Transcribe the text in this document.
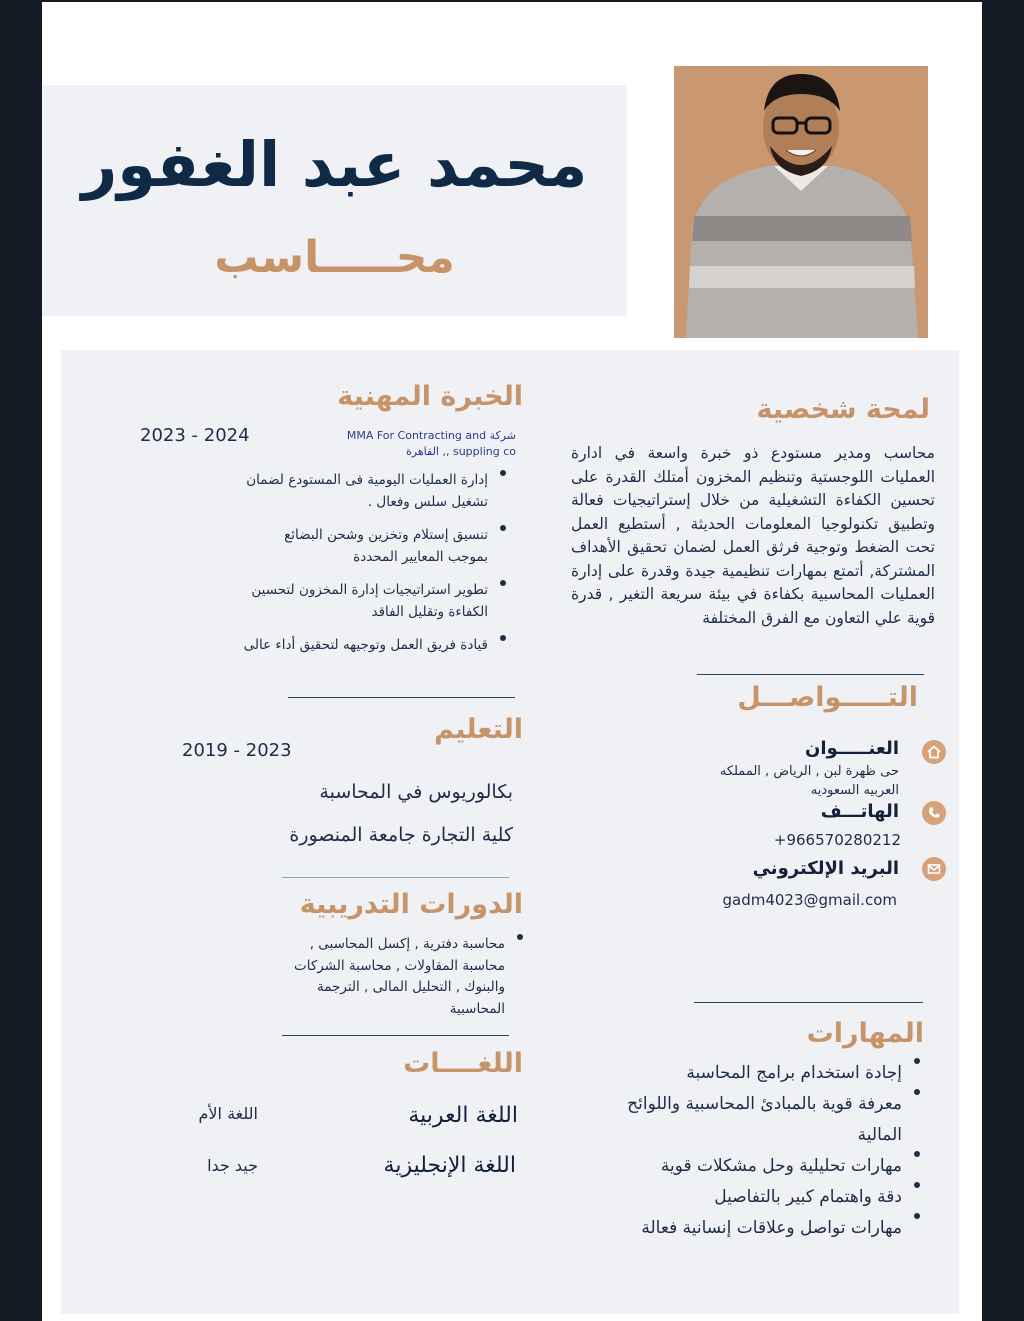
محمد عبد الغفور
محـــــاسب
لمحة شخصية
محاسب ومدير مستودع ذو خبرة واسعة في ادارة العمليات اللوجستية وتنظيم المخزون أمتلك القدرة على تحسين الكفاءة التشغيلية من خلال إستراتيجيات فعالة وتطبيق تكنولوجيا المعلومات الحديثة , أستطيع العمل تحت الضغط وتوجية فرثق العمل لضمان تحقيق الأهداف المشتركة, أتمتع بمهارات تنظيمية جيدة وقدرة على إدارة العمليات المحاسبية بكفاءة في بيئة سريعة التغير , قدرة قوية علي التعاون مع الفرق المختلفة
التـــــواصـــل
العنـــــوان
حى ظهرة لبن , الرياض , المملكه العربيه السعوديه
الهاتـــف
+966570280212
البريد الإلكتروني
gadm4023@gmail.com
المهارات
إجادة استخدام برامج المحاسبة
معرفة قوية بالمبادئ المحاسبية واللوائح المالية
مهارات تحليلية وحل مشكلات قوية
دقة واهتمام كبير بالتفاصيل
مهارات تواصل وعلاقات إنسانية فعالة
الخبرة المهنية
شركة MMA For Contracting and suppling co ,, القاهرة
2023 - 2024
إدارة العمليات اليومية فى المستودع لضمان تشغيل سلس وفعال .
تنسيق إستلام وتخزين وشحن البضائع بموجب المعايير المحددة
تطوير استراتيجيات إدارة المخزون لتحسين الكفاءة وتقليل الفاقد
قيادة فريق العمل وتوجيهه لتحقيق أداء عالى
التعليم
2019 - 2023
بكالوريوس في المحاسبة
كلية التجارة جامعة المنصورة
الدورات التدريبية
محاسبة دفترية , إكسل المحاسبى , محاسبة المقاولات , محاسبة الشركات والبنوك , التحليل المالى , الترجمة المحاسبية
اللغــــات
اللغة العربية
اللغة الأم
اللغة الإنجليزية
جيد جدا
